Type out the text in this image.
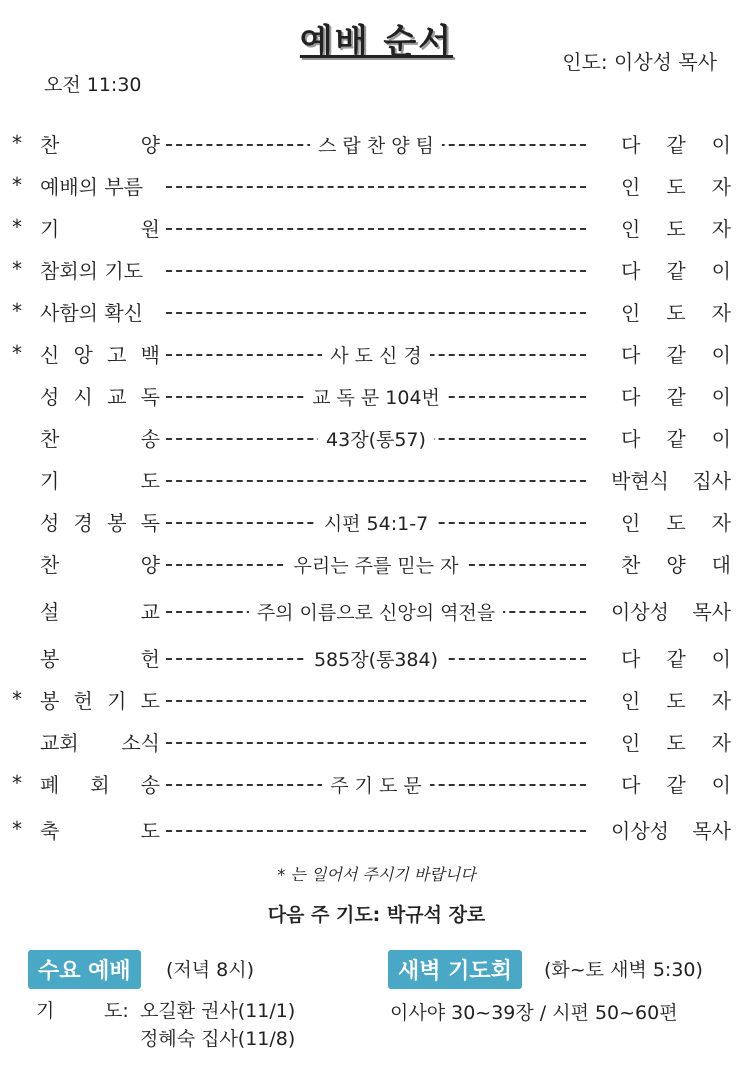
예배 순서	인도: 이상성 목사
오전 11:30
* 찬	양	스 랍 찬 양 팀	다 같 이
* 예배의 부름	인 도 자
* 기	원	인 도 자
* 참회의 기도	다 같 이
* 사함의 확신	인 도 자
* 신 앙 고 백	사 도 신 경	다 같 이
성 시 교 독	교 독 문 104번	다 같 이
찬	송	43장(통57)	다 같 이
기	도	박현식 집사
성 경 봉 독	시편 54:1-7	인 도 자
찬	양	우리는 주를 믿는 자	찬 양 대
설	교	주의 이름으로 신앙의 역전을	이상성 목사
봉	헌	585장(통384)	다 같 이
* 봉 헌 기 도	인 도 자
교회 소식	인 도 자
* 폐 회 송	주 기 도 문	다 같 이
* 축	도	이상성 목사
* 는 일어서 주시기 바랍니다
다음 주 기도: 박규석 장로
수요 예배	(저녁 8시)
기	도: 오길환 권사(11/1)
정혜숙 집사(11/8)
새벽 기도회	(화~토 새벽 5:30)
이사야 30~39장 / 시편 50~60편
